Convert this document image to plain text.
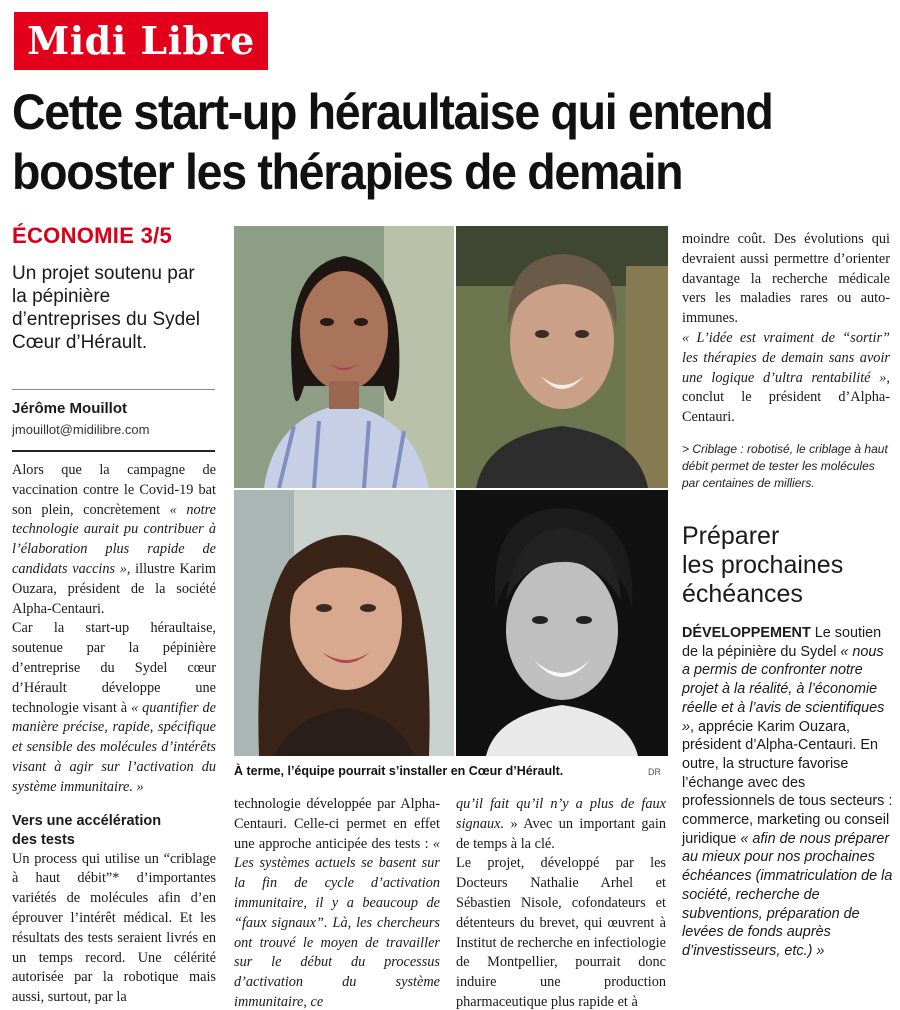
Midi Libre
Cette start-up héraultaise qui entend
booster les thérapies de demain
ÉCONOMIE 3/5
Un projet soutenu par la pépinière d’entreprises du Sydel Cœur d’Hérault.
Jérôme Mouillot
jmouillot@midilibre.com

Alors que la campagne de vaccination contre le Covid-19 bat son plein, concrètement « notre technologie aurait pu contribuer à l’élaboration plus rapide de candidats vaccins », illustre Karim Ouzara, président de la société Alpha-Centauri.

Car la start-up héraultaise, soutenue par la pépinière d’entreprise du Sydel cœur d’Hérault développe une technologie visant à « quantifier de manière précise, rapide, spécifique et sensible des molécules d’intérêts visant à agir sur l’activation du système immunitaire. »

Vers une accélération des tests

Un process qui utilise un “criblage à haut débit”* d’importantes variétés de molécules afin d’en éprouver l’intérêt médical. Et les résultats des tests seraient livrés en un temps record. Une célérité autorisée par la robotique mais aussi, surtout, par la

À terme, l’équipe pourrait s’installer en Cœur d’Hérault.	DR

technologie développée par Alpha-Centauri. Celle-ci permet en effet une approche anticipée des tests : « Les systèmes actuels se basent sur la fin de cycle d’activation immunitaire, il y a beaucoup de “faux signaux”. Là, les chercheurs ont trouvé le moyen de travailler sur le début du processus d’activation du système immunitaire, ce

qu’il fait qu’il n’y a plus de faux signaux. » Avec un important gain de temps à la clé.

Le projet, développé par les Docteurs Nathalie Arhel et Sébastien Nisole, cofondateurs et détenteurs du brevet, qui œuvrent à Institut de recherche en infectiologie de Montpellier, pourrait donc induire une production pharmaceutique plus rapide et à

moindre coût. Des évolutions qui devraient aussi permettre d’orienter davantage la recherche médicale vers les maladies rares ou auto-immunes.

« L’idée est vraiment de “sortir” les thérapies de demain sans avoir une logique d’ultra rentabilité », conclut le président d’Alpha-Centauri.

> Criblage : robotisé, le criblage à haut débit permet de tester les molécules par centaines de milliers.
Préparer
les prochaines
échéances
DÉVELOPPEMENT Le soutien de la pépinière du Sydel « nous a permis de confronter notre projet à la réalité, à l’économie réelle et à l’avis de scientifiques », apprécie Karim Ouzara, président d’Alpha-Centauri. En outre, la structure favorise l’échange avec des professionnels de tous secteurs : commerce, marketing ou conseil juridique « afin de nous préparer au mieux pour nos prochaines échéances (immatriculation de la société, recherche de subventions, préparation de levées de fonds auprès d’investisseurs, etc.) »
